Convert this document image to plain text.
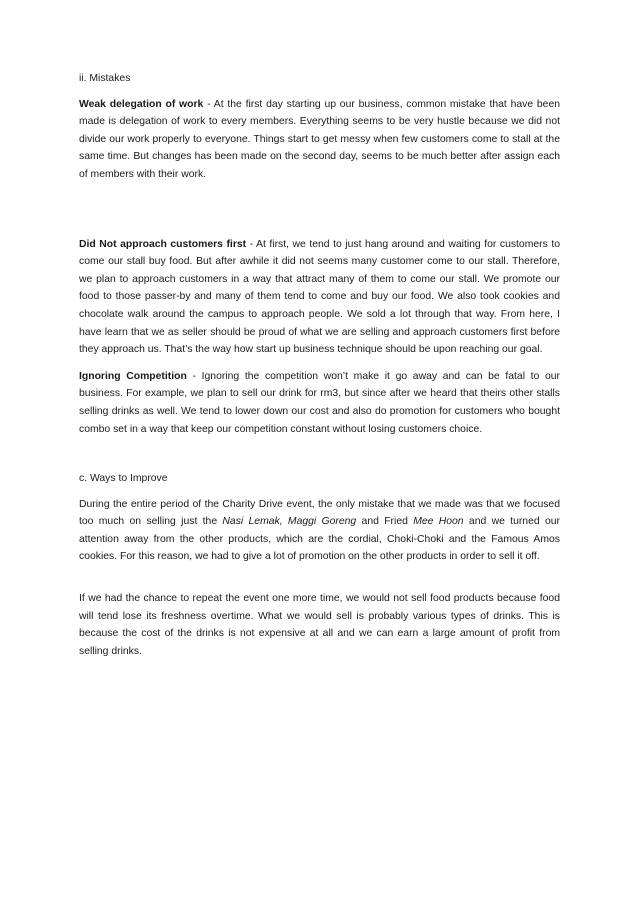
ii. Mistakes

Weak delegation of work - At the first day starting up our business, common mistake that have been made is delegation of work to every members. Everything seems to be very hustle because we did not divide our work properly to everyone. Things start to get messy when few customers come to stall at the same time. But changes has been made on the second day, seems to be much better after assign each of members with their work.

Did Not approach customers first - At first, we tend to just hang around and waiting for customers to come our stall buy food. But after awhile it did not seems many customer come to our stall. Therefore, we plan to approach customers in a way that attract many of them to come our stall. We promote our food to those passer-by and many of them tend to come and buy our food. We also took cookies and chocolate walk around the campus to approach people. We sold a lot through that way. From here, I have learn that we as seller should be proud of what we are selling and approach customers first before they approach us. That’s the way how start up business technique should be upon reaching our goal.

Ignoring Competition - Ignoring the competition won’t make it go away and can be fatal to our business. For example, we plan to sell our drink for rm3, but since after we heard that theirs other stalls selling drinks as well. We tend to lower down our cost and also do promotion for customers who bought combo set in a way that keep our competition constant without losing customers choice.

c. Ways to Improve

During the entire period of the Charity Drive event, the only mistake that we made was that we focused too much on selling just the Nasi Lemak, Maggi Goreng and Fried Mee Hoon and we turned our attention away from the other products, which are the cordial, Choki-Choki and the Famous Amos cookies. For this reason, we had to give a lot of promotion on the other products in order to sell it off.

If we had the chance to repeat the event one more time, we would not sell food products because food will tend lose its freshness overtime. What we would sell is probably various types of drinks. This is because the cost of the drinks is not expensive at all and we can earn a large amount of profit from selling drinks.
